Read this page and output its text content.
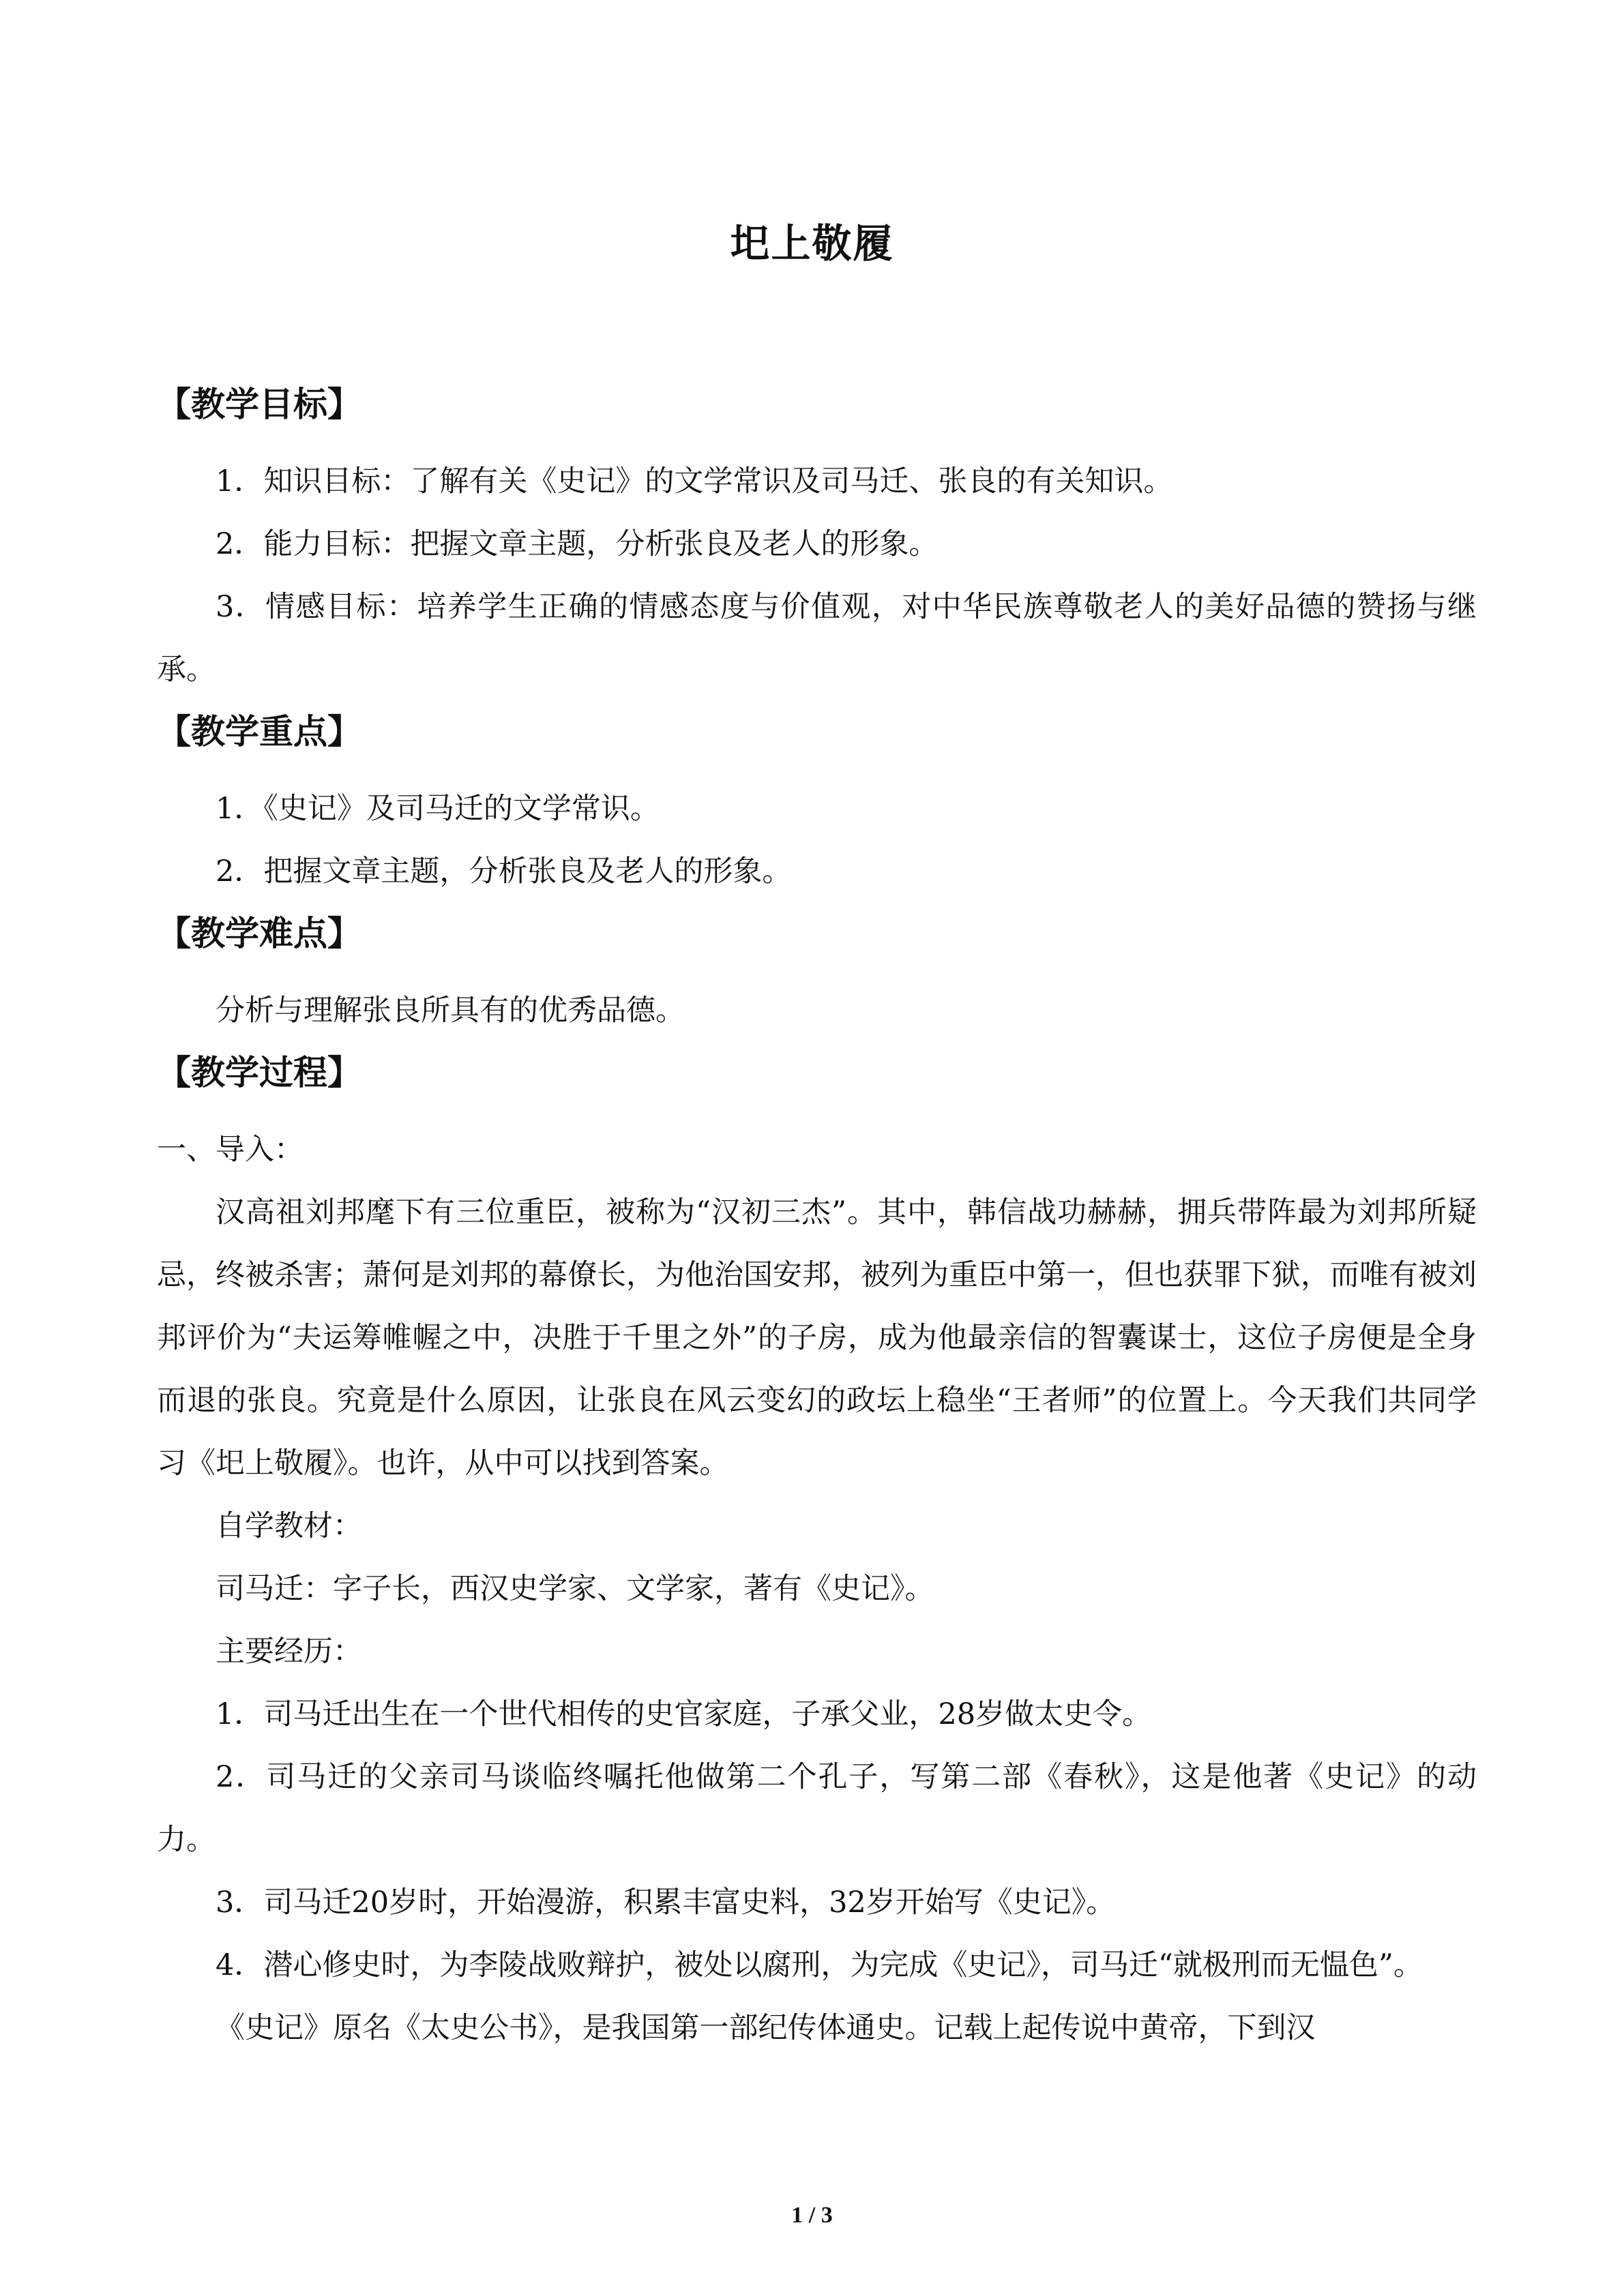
圯上敬履
【教学目标】

1．知识目标：了解有关《史记》的文学常识及司马迁、张良的有关知识。

2．能力目标：把握文章主题，分析张良及老人的形象。

3．情感目标：培养学生正确的情感态度与价值观，对中华民族尊敬老人的美好品德的赞扬与继承。

【教学重点】

1．《史记》及司马迁的文学常识。

2．把握文章主题，分析张良及老人的形象。

【教学难点】

分析与理解张良所具有的优秀品德。

【教学过程】

一、导入：

汉高祖刘邦麾下有三位重臣，被称为“汉初三杰”。其中，韩信战功赫赫，拥兵带阵最为刘邦所疑忌，终被杀害；萧何是刘邦的幕僚长，为他治国安邦，被列为重臣中第一，但也获罪下狱，而唯有被刘邦评价为“夫运筹帷幄之中，决胜于千里之外”的子房，成为他最亲信的智囊谋士，这位子房便是全身而退的张良。究竟是什么原因，让张良在风云变幻的政坛上稳坐“王者师”的位置上。今天我们共同学习《圯上敬履》。也许，从中可以找到答案。

自学教材：

司马迁：字子长，西汉史学家、文学家，著有《史记》。

主要经历：

1．司马迁出生在一个世代相传的史官家庭，子承父业，28岁做太史令。

2．司马迁的父亲司马谈临终嘱托他做第二个孔子，写第二部《春秋》，这是他著《史记》的动力。

3．司马迁20岁时，开始漫游，积累丰富史料，32岁开始写《史记》。

4．潜心修史时，为李陵战败辩护，被处以腐刑，为完成《史记》，司马迁“就极刑而无愠色”。

《史记》原名《太史公书》，是我国第一部纪传体通史。记载上起传说中黄帝，下到汉

1 / 3
